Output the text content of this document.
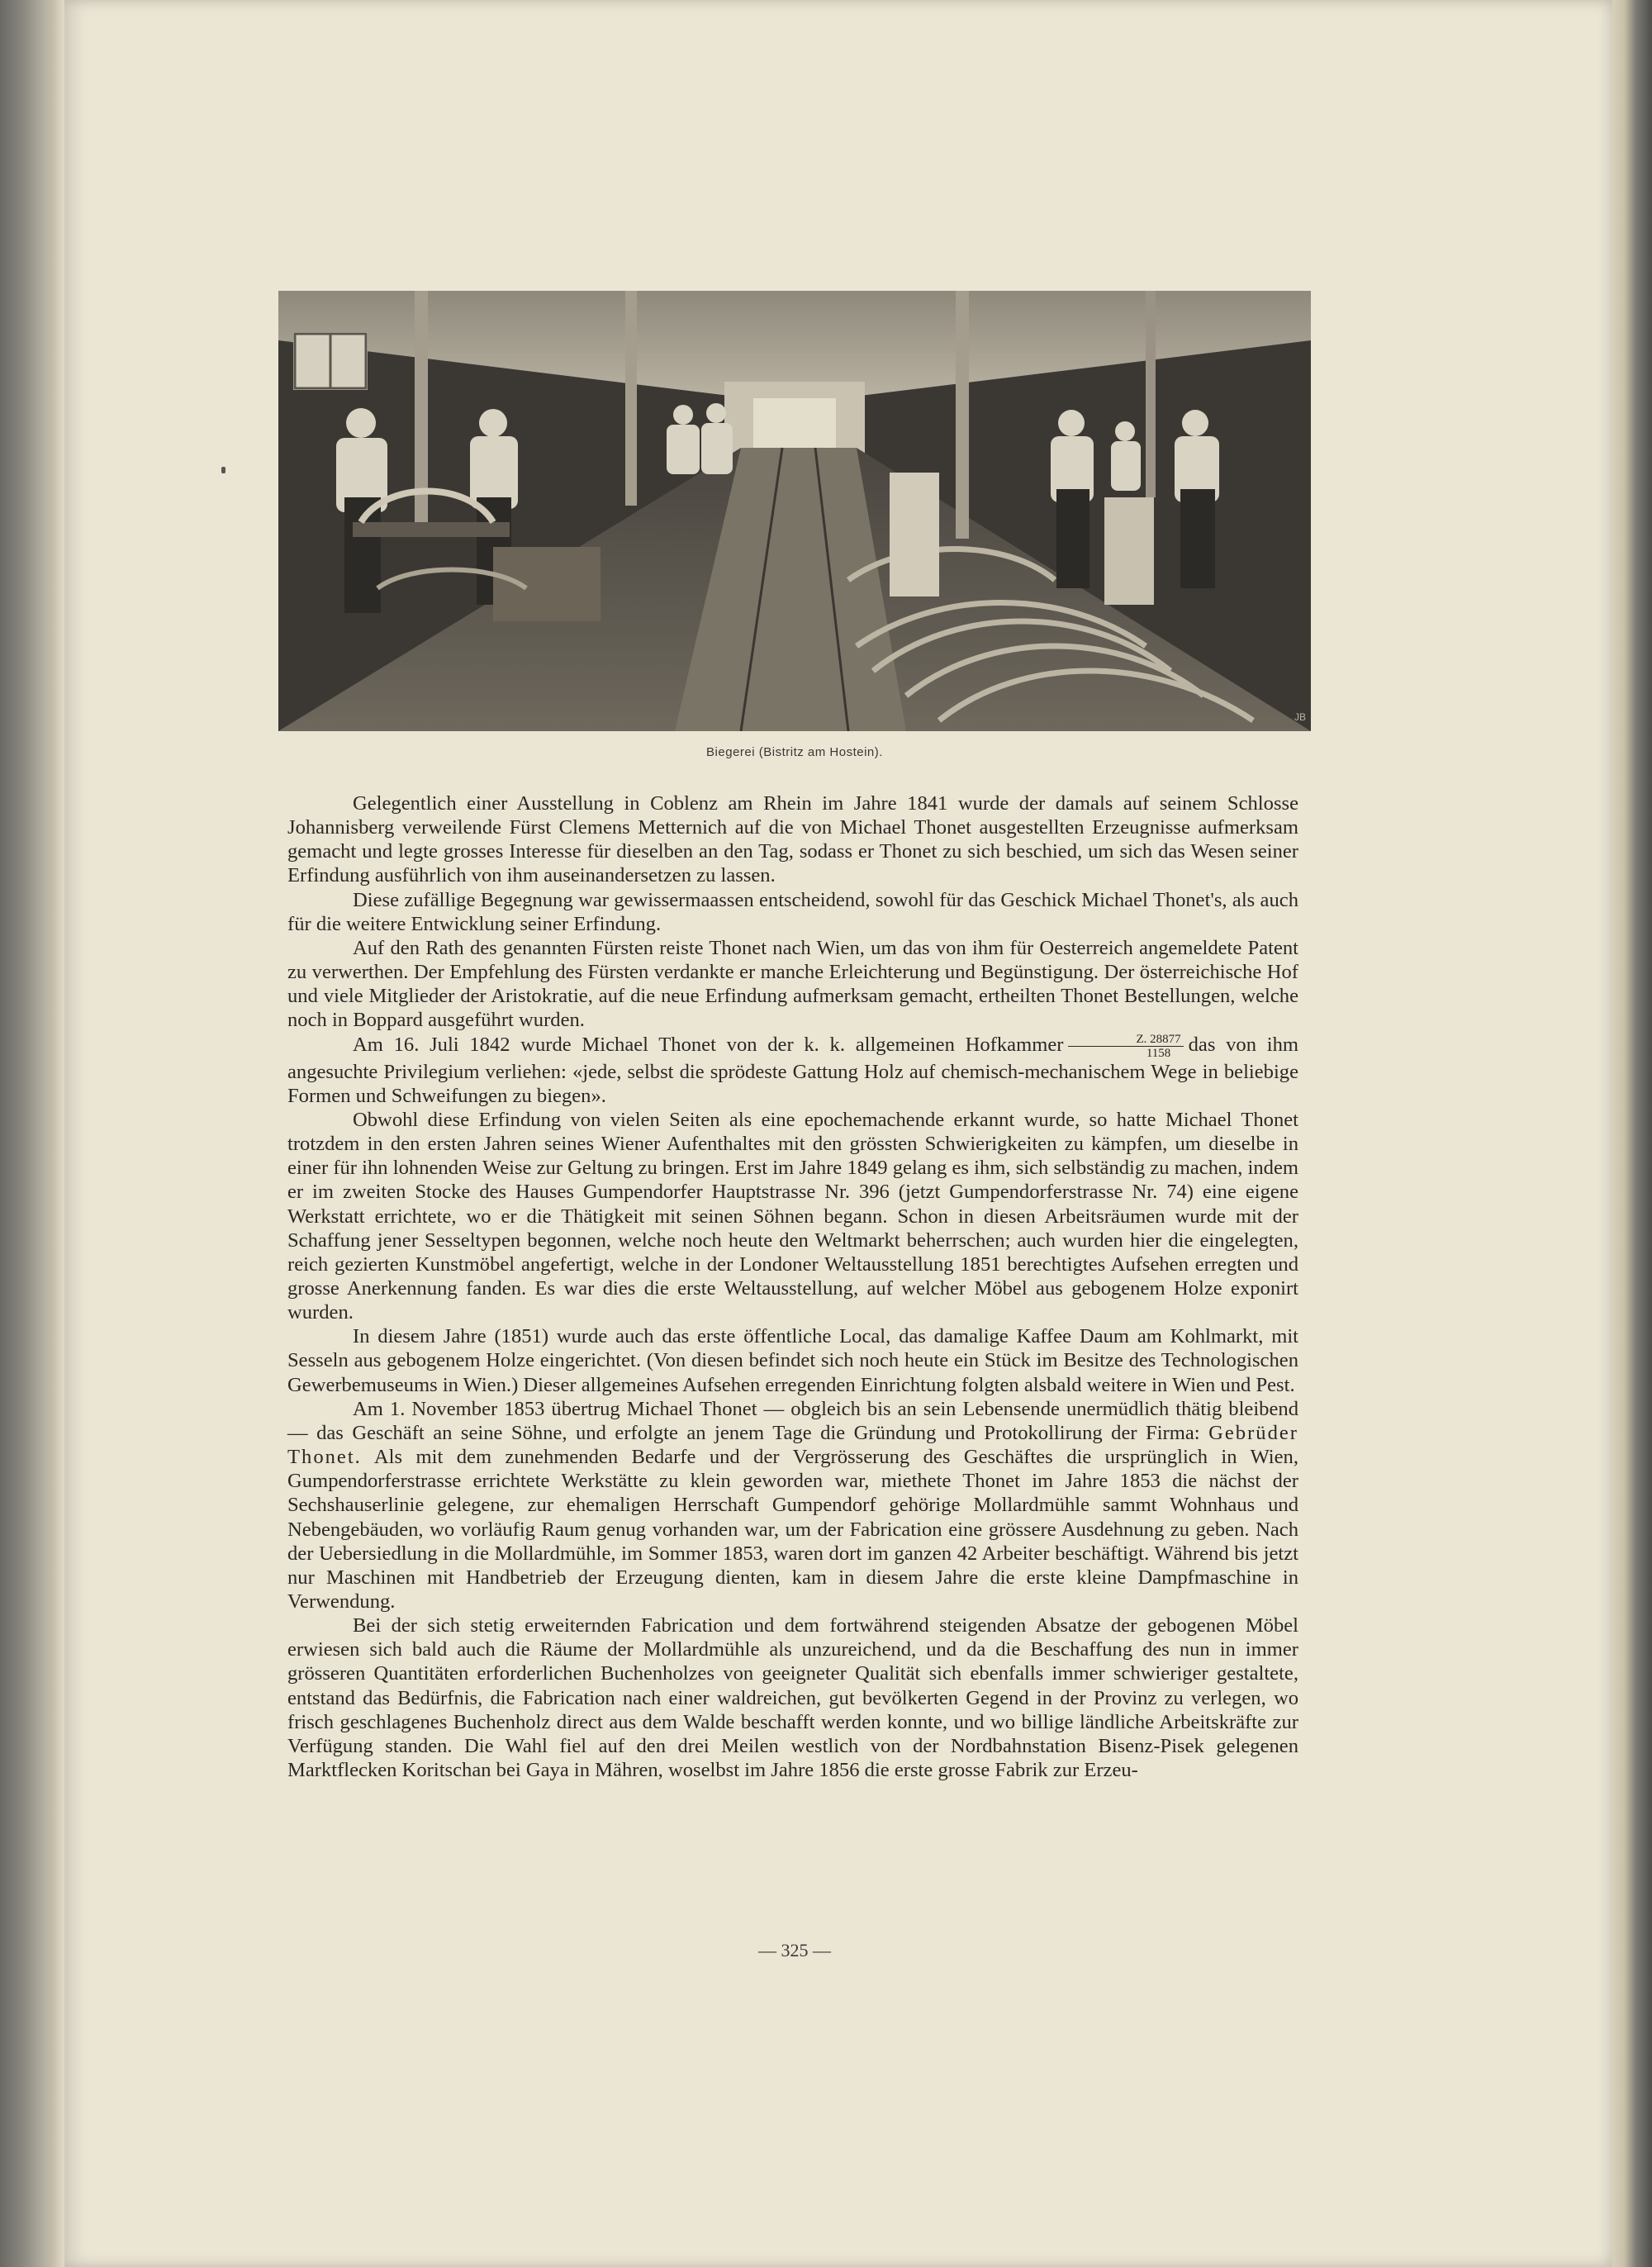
JB
Biegerei (Bistritz am Hostein).

Gelegentlich einer Ausstellung in Coblenz am Rhein im Jahre 1841 wurde der damals auf seinem Schlosse Johannisberg verweilende Fürst Clemens Metternich auf die von Michael Thonet ausgestellten Erzeugnisse aufmerksam gemacht und legte grosses Interesse für dieselben an den Tag, sodass er Thonet zu sich beschied, um sich das Wesen seiner Erfindung ausführlich von ihm auseinandersetzen zu lassen.

Diese zufällige Begegnung war gewissermaassen entscheidend, sowohl für das Geschick Michael Thonet's, als auch für die weitere Entwicklung seiner Erfindung.

Auf den Rath des genannten Fürsten reiste Thonet nach Wien, um das von ihm für Oesterreich angemeldete Patent zu verwerthen. Der Empfehlung des Fürsten verdankte er manche Erleichterung und Begünstigung. Der österreichische Hof und viele Mitglieder der Aristokratie, auf die neue Erfindung aufmerksam gemacht, ertheilten Thonet Bestellungen, welche noch in Boppard ausgeführt wurden.

Am 16. Juli 1842 wurde Michael Thonet von der k. k. allgemeinen Hofkammer $\frac{Z. 28877}{1158}$ das von ihm angesuchte Privilegium verliehen: «jede, selbst die sprödeste Gattung Holz auf chemisch-mechanischem Wege in beliebige Formen und Schweifungen zu biegen».

Obwohl diese Erfindung von vielen Seiten als eine epochemachende erkannt wurde, so hatte Michael Thonet trotzdem in den ersten Jahren seines Wiener Aufenthaltes mit den grössten Schwierigkeiten zu kämpfen, um dieselbe in einer für ihn lohnenden Weise zur Geltung zu bringen. Erst im Jahre 1849 gelang es ihm, sich selbständig zu machen, indem er im zweiten Stocke des Hauses Gumpendorfer Hauptstrasse Nr. 396 (jetzt Gumpendorferstrasse Nr. 74) eine eigene Werkstatt errichtete, wo er die Thätigkeit mit seinen Söhnen begann. Schon in diesen Arbeitsräumen wurde mit der Schaffung jener Sesseltypen begonnen, welche noch heute den Weltmarkt beherrschen; auch wurden hier die eingelegten, reich gezierten Kunstmöbel angefertigt, welche in der Londoner Weltausstellung 1851 berechtigtes Aufsehen erregten und grosse Anerkennung fanden. Es war dies die erste Weltausstellung, auf welcher Möbel aus gebogenem Holze exponirt wurden.

In diesem Jahre (1851) wurde auch das erste öffentliche Local, das damalige Kaffee Daum am Kohlmarkt, mit Sesseln aus gebogenem Holze eingerichtet. (Von diesen befindet sich noch heute ein Stück im Besitze des Technologischen Gewerbemuseums in Wien.) Dieser allgemeines Aufsehen erregenden Einrichtung folgten alsbald weitere in Wien und Pest.

Am 1. November 1853 übertrug Michael Thonet — obgleich bis an sein Lebensende unermüdlich thätig bleibend — das Geschäft an seine Söhne, und erfolgte an jenem Tage die Gründung und Protokollirung der Firma: Gebrüder Thonet. Als mit dem zunehmenden Bedarfe und der Vergrösserung des Geschäftes die ursprünglich in Wien, Gumpendorferstrasse errichtete Werkstätte zu klein geworden war, miethete Thonet im Jahre 1853 die nächst der Sechshauserlinie gelegene, zur ehemaligen Herrschaft Gumpendorf gehörige Mollardmühle sammt Wohnhaus und Nebengebäuden, wo vorläufig Raum genug vorhanden war, um der Fabrication eine grössere Ausdehnung zu geben. Nach der Uebersiedlung in die Mollardmühle, im Sommer 1853, waren dort im ganzen 42 Arbeiter beschäftigt. Während bis jetzt nur Maschinen mit Handbetrieb der Erzeugung dienten, kam in diesem Jahre die erste kleine Dampfmaschine in Verwendung.

Bei der sich stetig erweiternden Fabrication und dem fortwährend steigenden Absatze der gebogenen Möbel erwiesen sich bald auch die Räume der Mollardmühle als unzureichend, und da die Beschaffung des nun in immer grösseren Quantitäten erforderlichen Buchenholzes von geeigneter Qualität sich ebenfalls immer schwieriger gestaltete, entstand das Bedürfnis, die Fabrication nach einer waldreichen, gut bevölkerten Gegend in der Provinz zu verlegen, wo frisch geschlagenes Buchenholz direct aus dem Walde beschafft werden konnte, und wo billige ländliche Arbeitskräfte zur Verfügung standen. Die Wahl fiel auf den drei Meilen westlich von der Nordbahnstation Bisenz-Pisek gelegenen Marktflecken Koritschan bei Gaya in Mähren, woselbst im Jahre 1856 die erste grosse Fabrik zur Erzeu-

— 325 —
